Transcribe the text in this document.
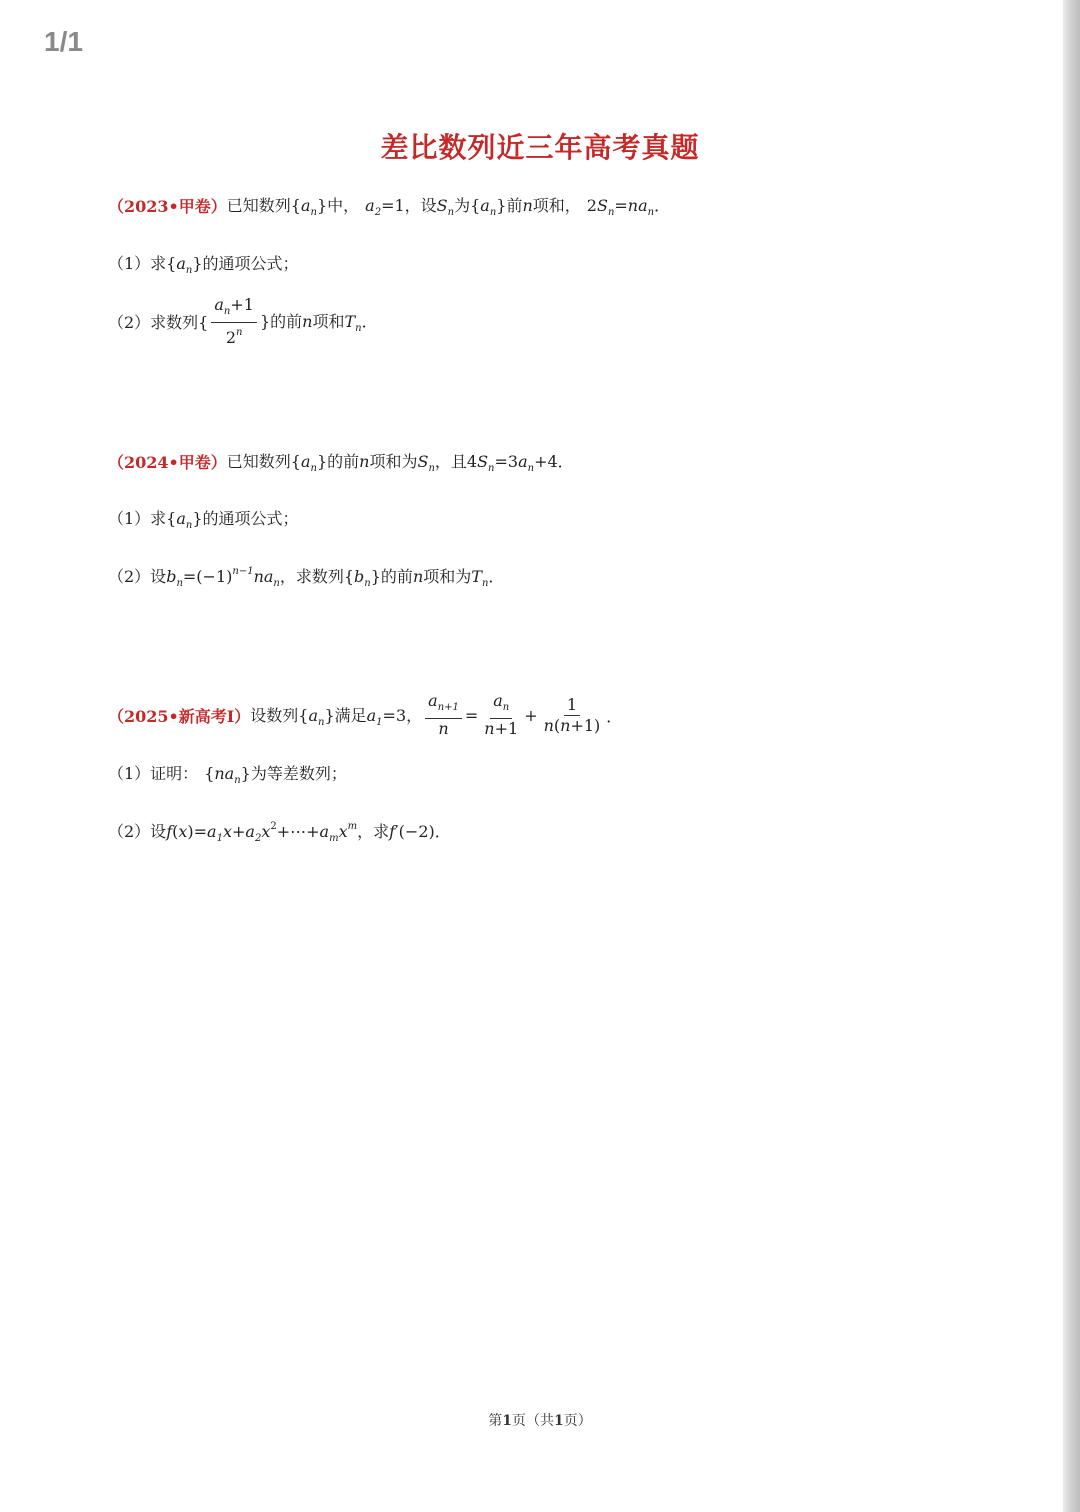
1/1
差比数列近三年高考真题
（2023•甲卷） 已知数列$\{a_n\}$中， $a_2=1$，设$S_n$为$\{a_n\}$前n项和， $2S_n=na_n$．
（1）求$\{a_n\}$的通项公式；
（2）求数列{ $\frac{a_n+1}{2^n}$ }的前n项和$T_n$．
（2024•甲卷） 已知数列$\{a_n\}$的前n项和为$S_n$，且$4S_n=3a_n+4$．
（1）求$\{a_n\}$的通项公式；
（2）设$b_n=(-1)^{n-1}na_n$，求数列$\{b_n\}$的前n项和为$T_n$．
（2025•新高考Ⅰ） 设数列$\{a_n\}$满足$a_1=3$， $\frac{a_{n+1}}{n} = \frac{a_n}{n+1} + \frac{1}{n(n+1)}$ ．
（1）证明： $\{na_n\}$为等差数列；
（2）设$f(x)=a_1x+a_2x^2+\cdots+a_mx^m$，求f′(−2)．
第1页（共1页）
